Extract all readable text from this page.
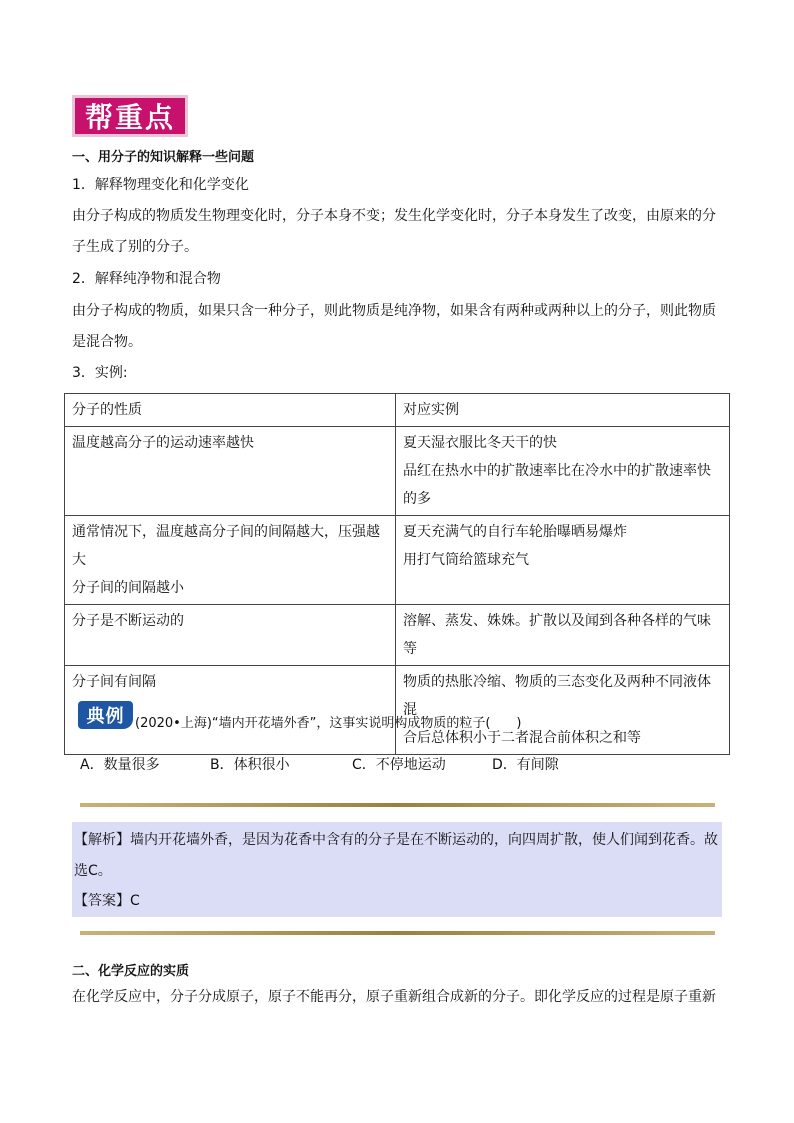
帮重点
一、用分子的知识解释一些问题
1．解释物理变化和化学变化
由分子构成的物质发生物理变化时，分子本身不变；发生化学变化时，分子本身发生了改变，由原来的分
子生成了别的分子。
2．解释纯净物和混合物
由分子构成的物质，如果只含一种分子，则此物质是纯净物，如果含有两种或两种以上的分子，则此物质
是混合物。
3．实例:
分子的性质	对应实例

温度越高分子的运动速率越快	夏天湿衣服比冬天干的快
品红在热水中的扩散速率比在冷水中的扩散速率快
的多

通常情况下，温度越高分子间的间隔越大，压强越大
分子间的间隔越小	夏天充满气的自行车轮胎曝晒易爆炸
用打气筒给篮球充气

分子是不断运动的	溶解、蒸发、姝姝。扩散以及闻到各种各样的气味等

分子间有间隔	物质的热胀冷缩、物质的三态变化及两种不同液体混
合后总体积小于二者混合前体积之和等
典例 (2020•上海)“墙内开花墙外香”，这事实说明构成物质的粒子(　　)
A．数量很多	B．体积很小	C．不停地运动	D．有间隙
【解析】墙内开花墙外香，是因为花香中含有的分子是在不断运动的，向四周扩散，使人们闻到花香。故
选C。
【答案】C
二、化学反应的实质
在化学反应中，分子分成原子，原子不能再分，原子重新组合成新的分子。即化学反应的过程是原子重新
